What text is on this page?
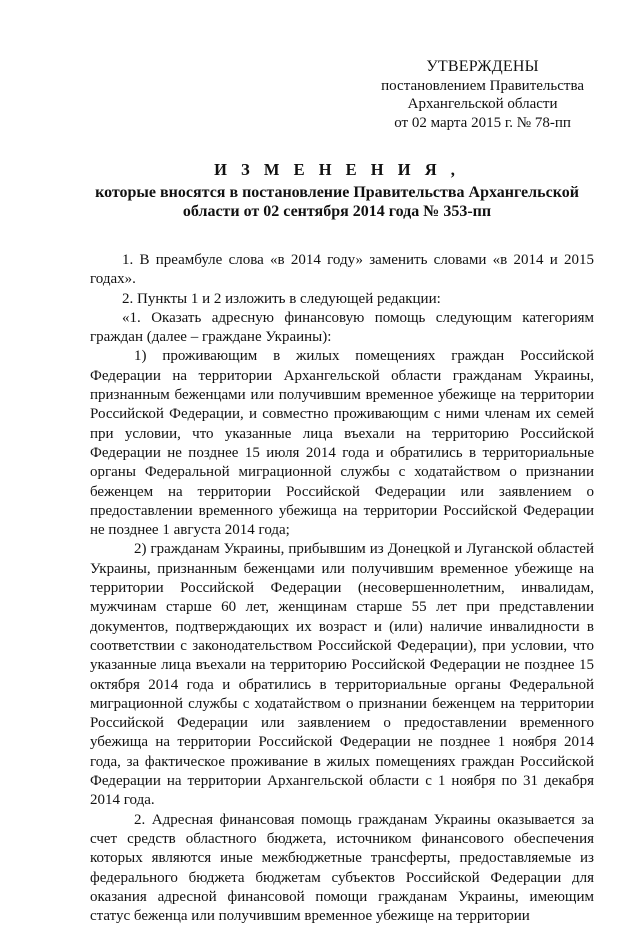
УТВЕРЖДЕНЫ
постановлением Правительства
Архангельской области
от 02 марта 2015 г. № 78-пп
И З М Е Н Е Н И Я ,
которые вносятся в постановление Правительства Архангельской
области от 02 сентября 2014 года № 353-пп

1. В преамбуле слова «в 2014 году» заменить словами «в 2014 и 2015 годах».

2. Пункты 1 и 2 изложить в следующей редакции:

«1. Оказать адресную финансовую помощь следующим категориям граждан (далее – граждане Украины):

1) проживающим в жилых помещениях граждан Российской Федерации на территории Архангельской области гражданам Украины, признанным беженцами или получившим временное убежище на территории Российской Федерации, и совместно проживающим с ними членам их семей при условии, что указанные лица въехали на территорию Российской Федерации не позднее 15 июля 2014 года и обратились в территориальные органы Федеральной миграционной службы с ходатайством о признании беженцем на территории Российской Федерации или заявлением о предоставлении временного убежища на территории Российской Федерации не позднее 1 августа 2014 года;

2) гражданам Украины, прибывшим из Донецкой и Луганской областей Украины, признанным беженцами или получившим временное убежище на территории Российской Федерации (несовершеннолетним, инвалидам, мужчинам старше 60 лет, женщинам старше 55 лет при представлении документов, подтверждающих их возраст и (или) наличие инвалидности в соответствии с законодательством Российской Федерации), при условии, что указанные лица въехали на территорию Российской Федерации не позднее 15 октября 2014 года и обратились в территориальные органы Федеральной миграционной службы с ходатайством о признании беженцем на территории Российской Федерации или заявлением о предоставлении временного убежища на территории Российской Федерации не позднее 1 ноября 2014 года, за фактическое проживание в жилых помещениях граждан Российской Федерации на территории Архангельской области с 1 ноября по 31 декабря 2014 года.

2. Адресная финансовая помощь гражданам Украины оказывается за счет средств областного бюджета, источником финансового обеспечения которых являются иные межбюджетные трансферты, предоставляемые из федерального бюджета бюджетам субъектов Российской Федерации для оказания адресной финансовой помощи гражданам Украины, имеющим статус беженца или получившим временное убежище на территории
